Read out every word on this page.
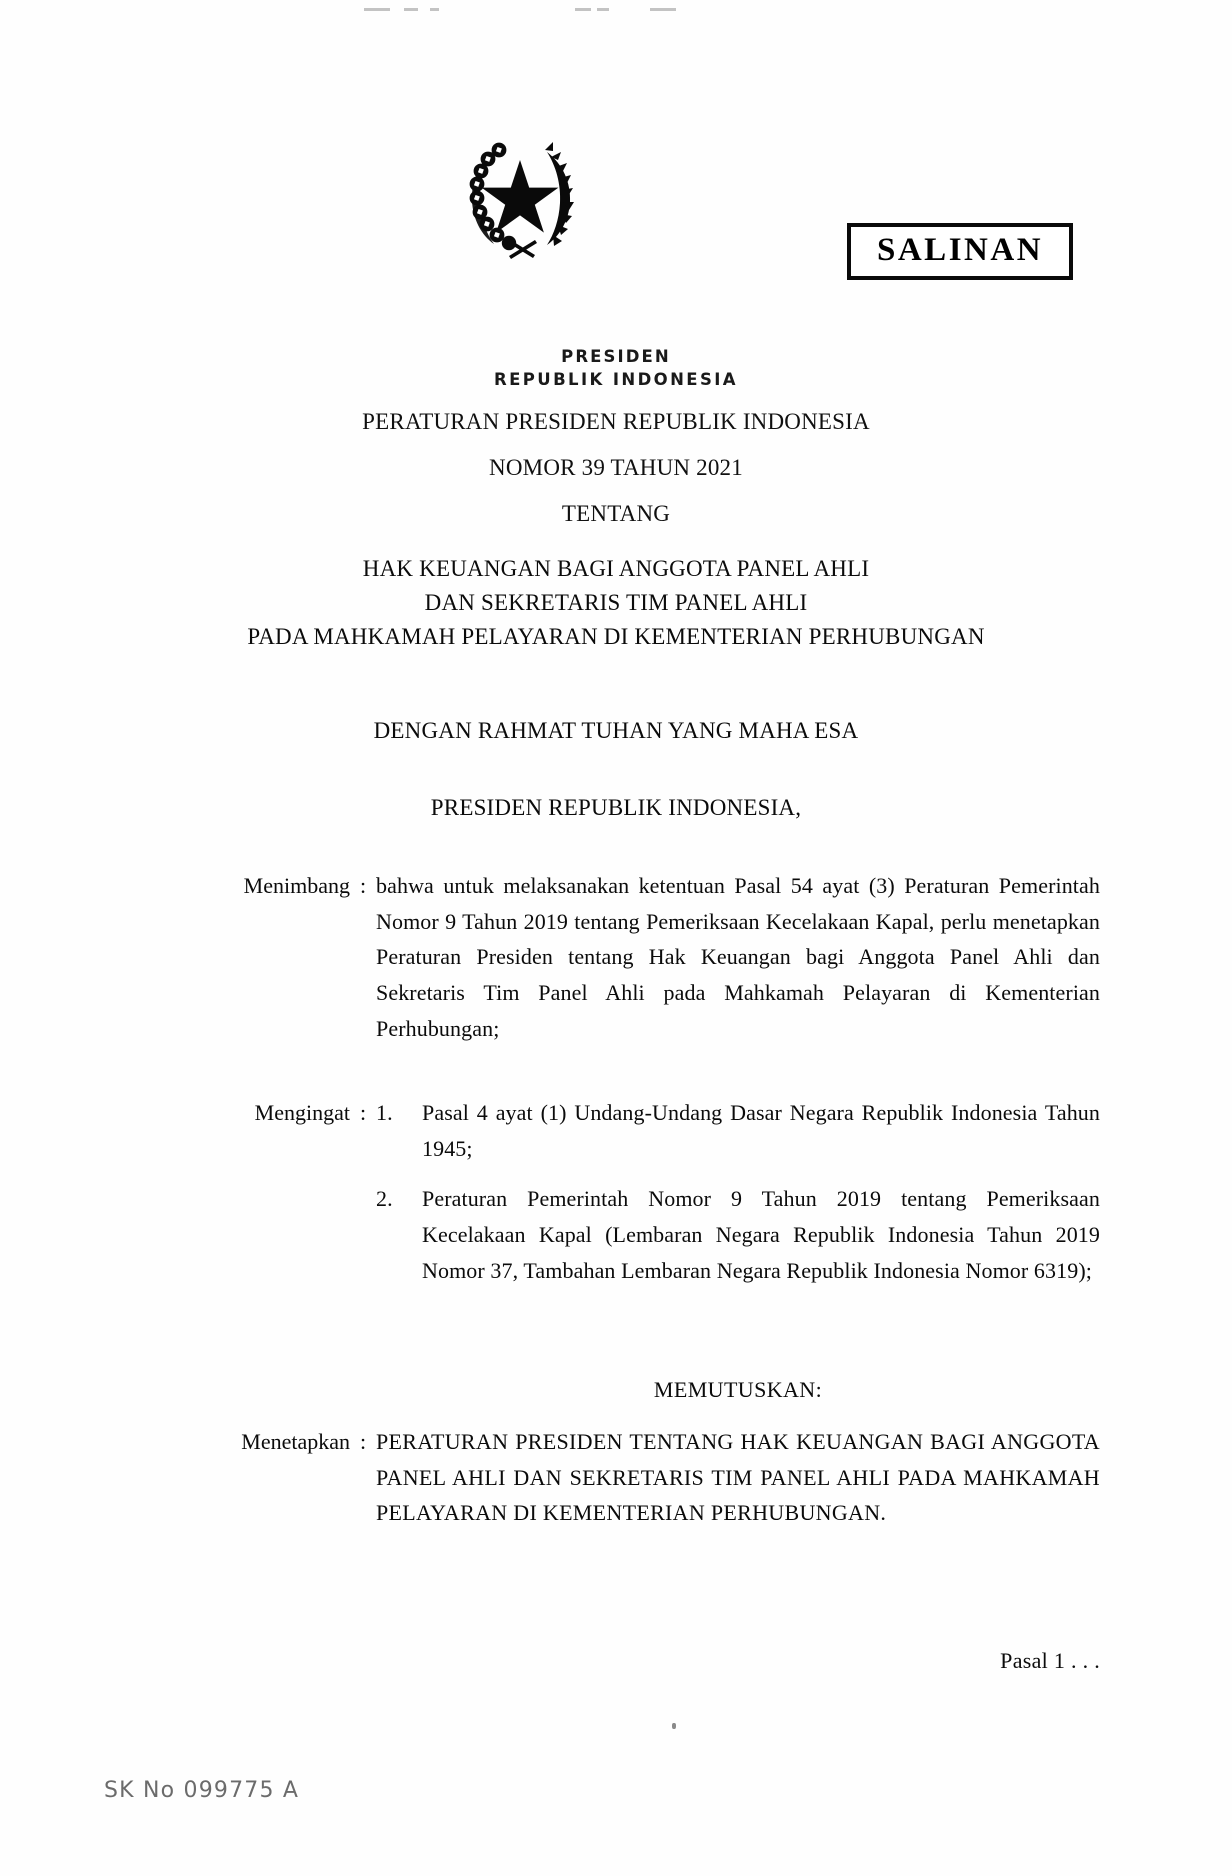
SALINAN
PRESIDEN
REPUBLIK INDONESIA
PERATURAN PRESIDEN REPUBLIK INDONESIA
NOMOR 39 TAHUN 2021
TENTANG
HAK KEUANGAN BAGI ANGGOTA PANEL AHLI
DAN SEKRETARIS TIM PANEL AHLI
PADA MAHKAMAH PELAYARAN DI KEMENTERIAN PERHUBUNGAN
DENGAN RAHMAT TUHAN YANG MAHA ESA
PRESIDEN REPUBLIK INDONESIA,
Menimbang : bahwa untuk melaksanakan ketentuan Pasal 54 ayat (3) Peraturan Pemerintah Nomor 9 Tahun 2019 tentang Pemeriksaan Kecelakaan Kapal, perlu menetapkan Peraturan Presiden tentang Hak Keuangan bagi Anggota Panel Ahli dan Sekretaris Tim Panel Ahli pada Mahkamah Pelayaran di Kementerian Perhubungan;

Mengingat : 1.	Pasal 4 ayat (1) Undang-Undang Dasar Negara Republik Indonesia Tahun 1945;
2.	Peraturan Pemerintah Nomor 9 Tahun 2019 tentang Pemeriksaan Kecelakaan Kapal (Lembaran Negara Republik Indonesia Tahun 2019 Nomor 37, Tambahan Lembaran Negara Republik Indonesia Nomor 6319);
MEMUTUSKAN:
Menetapkan : PERATURAN PRESIDEN TENTANG HAK KEUANGAN BAGI ANGGOTA PANEL AHLI DAN SEKRETARIS TIM PANEL AHLI PADA MAHKAMAH PELAYARAN DI KEMENTERIAN PERHUBUNGAN.

Pasal 1 . . .
SK No 099775 A
